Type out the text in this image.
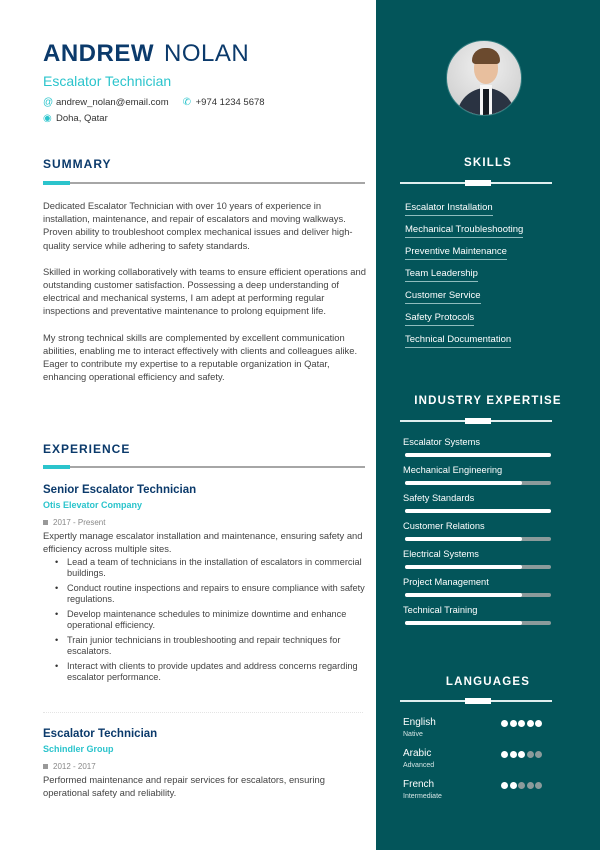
ANDREW NOLAN
Escalator Technician
@ andrew_nolan@email.com ✆ +974 1234 5678
◉ Doha, Qatar
SUMMARY

Dedicated Escalator Technician with over 10 years of experience in installation, maintenance, and repair of escalators and moving walkways. Proven ability to troubleshoot complex mechanical issues and deliver high-quality service while adhering to safety standards.

Skilled in working collaboratively with teams to ensure efficient operations and outstanding customer satisfaction. Possessing a deep understanding of electrical and mechanical systems, I am adept at performing regular inspections and preventative maintenance to prolong equipment life.

My strong technical skills are complemented by excellent communication abilities, enabling me to interact effectively with clients and colleagues alike. Eager to contribute my expertise to a reputable organization in Qatar, enhancing operational efficiency and safety.

EXPERIENCE
Senior Escalator Technician
Otis Elevator Company
2017 - Present
Expertly manage escalator installation and maintenance, ensuring safety and efficiency across multiple sites.
• Lead a team of technicians in the installation of escalators in commercial buildings.
• Conduct routine inspections and repairs to ensure compliance with safety regulations.
• Develop maintenance schedules to minimize downtime and enhance operational efficiency.
• Train junior technicians in troubleshooting and repair techniques for escalators.
• Interact with clients to provide updates and address concerns regarding escalator performance.
Escalator Technician
Schindler Group
2012 - 2017
Performed maintenance and repair services for escalators, ensuring operational safety and reliability.
SKILLS
Escalator Installation
Mechanical Troubleshooting
Preventive Maintenance
Team Leadership
Customer Service
Safety Protocols
Technical Documentation
INDUSTRY EXPERTISE
Escalator Systems
Mechanical Engineering
Safety Standards
Customer Relations
Electrical Systems
Project Management
Technical Training
LANGUAGES
English
Native
Arabic
Advanced
French
Intermediate
